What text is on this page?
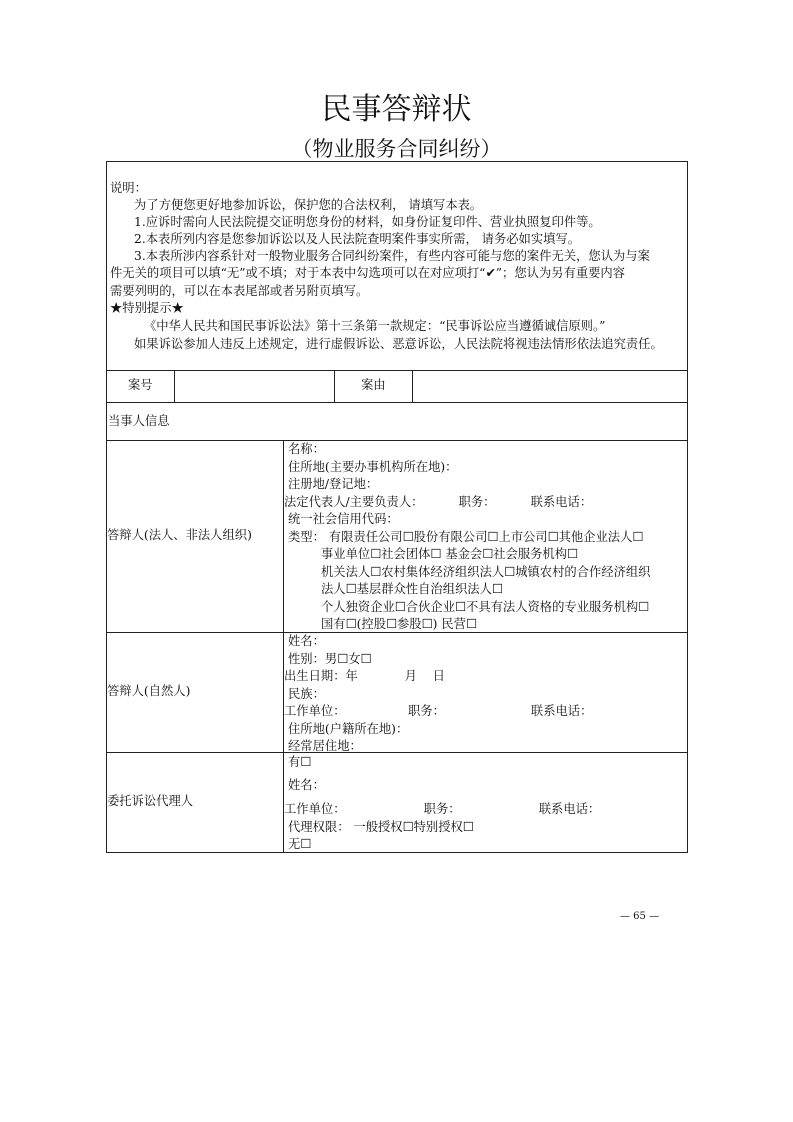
民事答辩状
（物业服务合同纠纷）
说明：
为了方便您更好地参加诉讼，保护您的合法权利， 请填写本表。
1.应诉时需向人民法院提交证明您身份的材料，如身份证复印件、营业执照复印件等。
2.本表所列内容是您参加诉讼以及人民法院查明案件事实所需， 请务必如实填写。
3.本表所涉内容系针对一般物业服务合同纠纷案件，有些内容可能与您的案件无关，您认为与案
件无关的项目可以填“无”或不填；对于本表中勾选项可以在对应项打“✔”；您认为另有重要内容
需要列明的，可以在本表尾部或者另附页填写。
★特别提示★
《中华人民共和国民事诉讼法》第十三条第一款规定：“民事诉讼应当遵循诚信原则。”
如果诉讼参加人违反上述规定，进行虚假诉讼、恶意诉讼，人民法院将视违法情形依法追究责任。
案号	案由
当事人信息
答辩人(法人、非法人组织)
名称：
住所地(主要办事机构所在地)：
注册地/登记地：
法定代表人/主要负责人：         职务：         联系电话：
统一社会信用代码：
类型： 有限责任公司☐股份有限公司☐上市公司☐其他企业法人☐
事业单位☐社会团体☐ 基金会☐社会服务机构☐
机关法人☐农村集体经济组织法人☐城镇农村的合作经济组织
法人☐基层群众性自治组织法人☐
个人独资企业☐合伙企业☐不具有法人资格的专业服务机构☐
国有☐(控股☐参股☐) 民营☐
答辩人(自然人)
姓名：
性别：男☐女☐
出生日期：年            月    日
民族：
工作单位：                职务：                      联系电话：
住所地(户籍所在地)：
经常居住地：
委托诉讼代理人
有☐
姓名：
工作单位：                    职务：                    联系电话：
代理权限： 一般授权☐特别授权☐
无☐
— 65 —
